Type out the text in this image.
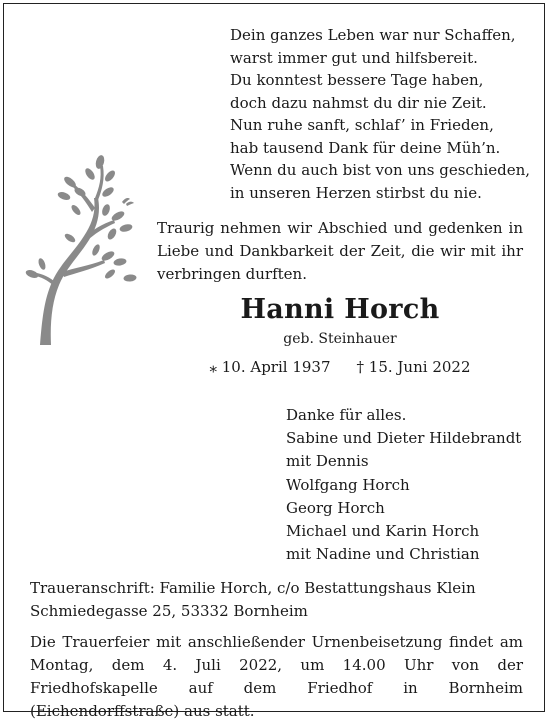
Dein ganzes Leben war nur Schaffen,
warst immer gut und hilfsbereit.
Du konntest bessere Tage haben,
doch dazu nahmst du dir nie Zeit.
Nun ruhe sanft, schlaf’ in Frieden,
hab tausend Dank für deine Müh’n.
Wenn du auch bist von uns geschieden,
in unseren Herzen stirbst du nie.
Traurig nehmen wir Abschied und gedenken in Liebe und Dankbarkeit der Zeit, die wir mit ihr verbringen durften.
Hanni Horch
geb. Steinhauer
⁎ 10. April 1937 † 15. Juni 2022
Danke für alles.
Sabine und Dieter Hildebrandt
mit Dennis
Wolfgang Horch
Georg Horch
Michael und Karin Horch
mit Nadine und Christian
Traueranschrift: Familie Horch, c/o Bestattungshaus Klein
Schmiedegasse 25, 53332 Bornheim
Die Trauerfeier mit anschließender Urnenbeisetzung findet am Montag, dem 4. Juli 2022, um 14.00 Uhr von der Friedhofskapelle auf dem Friedhof in Bornheim (Eichendorffstraße) aus statt.
